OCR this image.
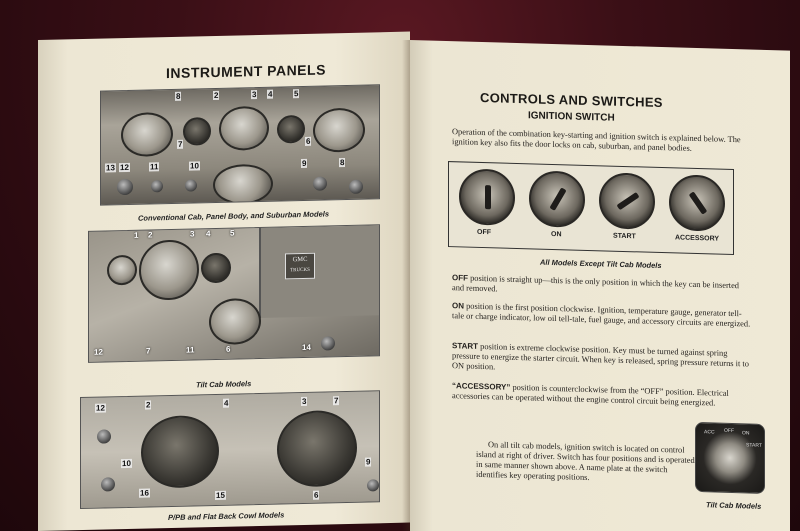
INSTRUMENT PANELS
8	2	3 4	5
7	6
13 12	11	10	9	8
Conventional Cab, Panel Body, and Suburban Models
GMC
TRUCKS
1 2	3 4 5
12	7	11	6	14
Tilt Cab Models
12	2	4	3	7
10
16	15	6
9
P/PB and Flat Back Cowl Models
CONTROLS AND SWITCHES
IGNITION SWITCH
Operation of the combination key-starting and ignition switch is explained below. The ignition key also fits the door locks on cab, suburban, and panel bodies.
OFF	ON	START	ACCESSORY
All Models Except Tilt Cab Models
OFF position is straight up—this is the only position in which the key can be inserted and removed.
ON position is the first position clockwise. Ignition, temperature gauge, generator tell-tale or charge indicator, low oil tell-tale, fuel gauge, and accessory circuits are energized.
START position is extreme clockwise position. Key must be turned against spring pressure to energize the starter circuit. When key is released, spring pressure returns it to ON position.
“ACCESSORY” position is counterclockwise from the “OFF” position. Electrical accessories can be operated without the engine control circuit being energized.
On all tilt cab models, ignition switch is located on control island at right of driver. Switch has four positions and is operated in same manner shown above. A name plate at the switch identifies key operating positions.
ACC OFF ON
START
Tilt Cab Models
